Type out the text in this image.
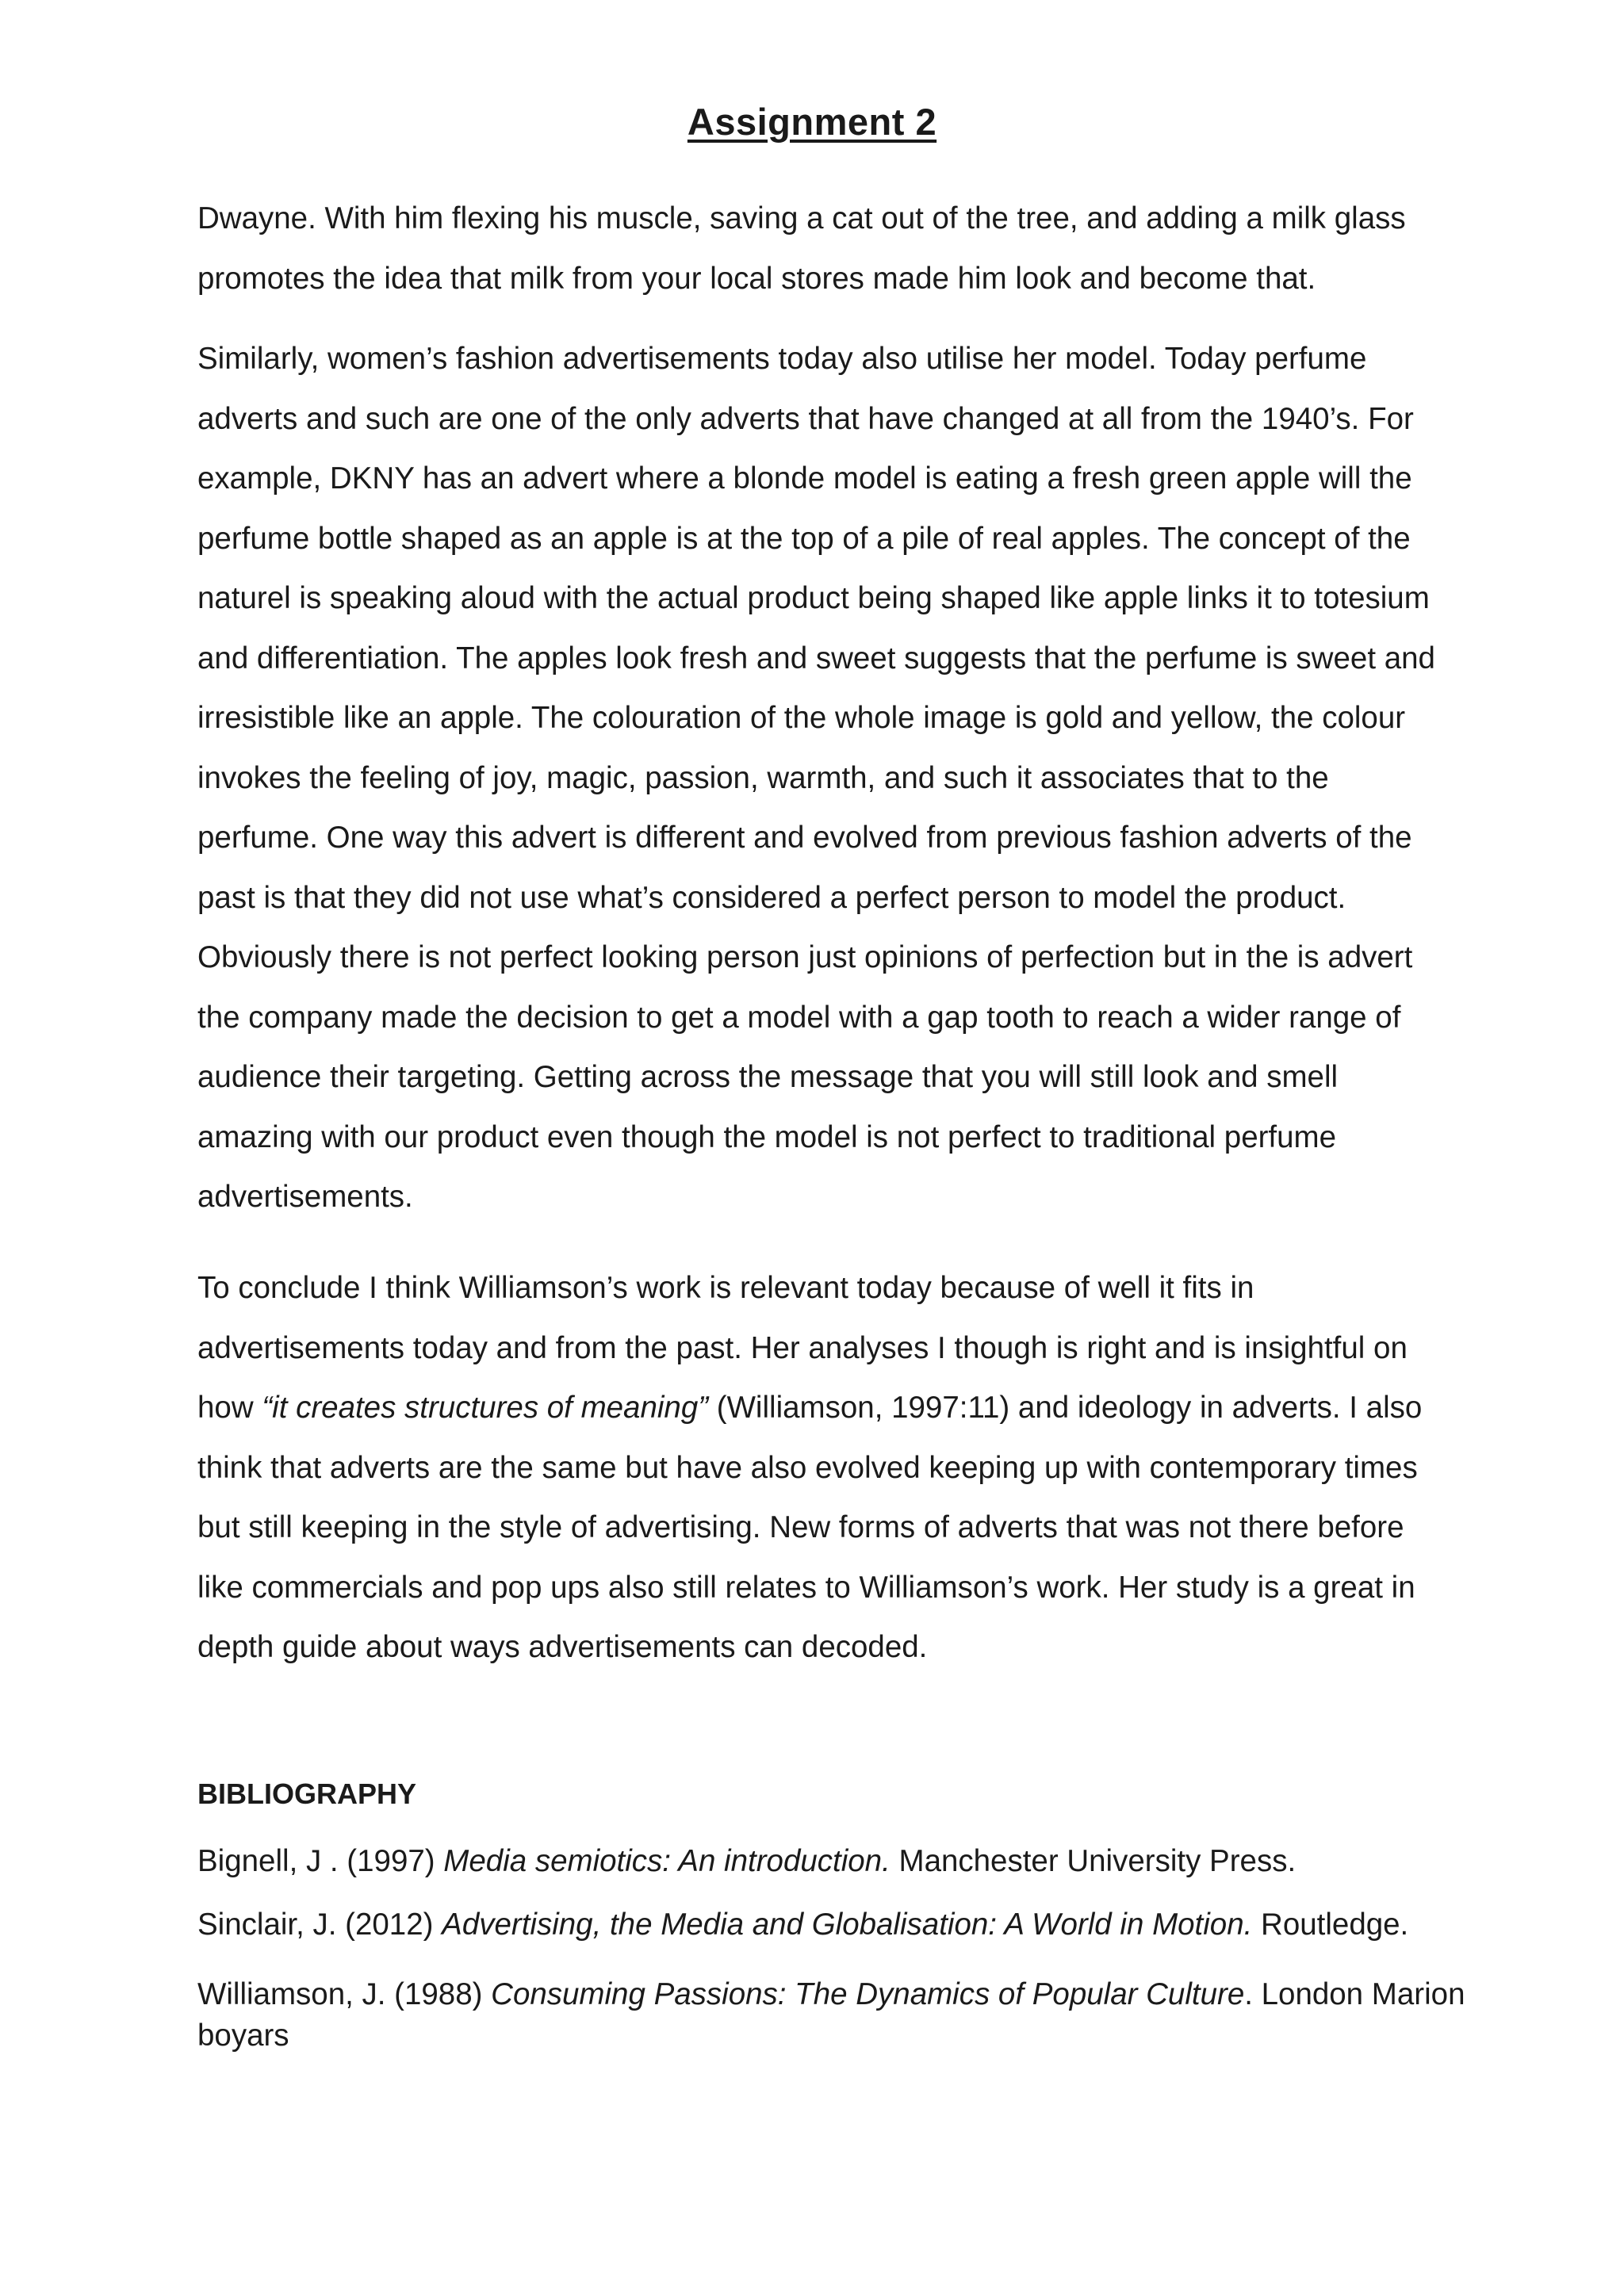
Assignment 2
Dwayne. With him flexing his muscle, saving a cat out of the tree, and adding a milk glass
promotes the idea that milk from your local stores made him look and become that.
Similarly, women’s fashion advertisements today also utilise her model. Today perfume
adverts and such are one of the only adverts that have changed at all from the 1940’s. For
example, DKNY has an advert where a blonde model is eating a fresh green apple will the
perfume bottle shaped as an apple is at the top of a pile of real apples. The concept of the
naturel is speaking aloud with the actual product being shaped like apple links it to totesium
and differentiation. The apples look fresh and sweet suggests that the perfume is sweet and
irresistible like an apple. The colouration of the whole image is gold and yellow, the colour
invokes the feeling of joy, magic, passion, warmth, and such it associates that to the
perfume. One way this advert is different and evolved from previous fashion adverts of the
past is that they did not use what’s considered a perfect person to model the product.
Obviously there is not perfect looking person just opinions of perfection but in the is advert
the company made the decision to get a model with a gap tooth to reach a wider range of
audience their targeting. Getting across the message that you will still look and smell
amazing with our product even though the model is not perfect to traditional perfume
advertisements.
To conclude I think Williamson’s work is relevant today because of well it fits in
advertisements today and from the past. Her analyses I though is right and is insightful on
how “it creates structures of meaning” (Williamson, 1997:11) and ideology in adverts. I also
think that adverts are the same but have also evolved keeping up with contemporary times
but still keeping in the style of advertising. New forms of adverts that was not there before
like commercials and pop ups also still relates to Williamson’s work. Her study is a great in
depth guide about ways advertisements can decoded.
BIBLIOGRAPHY
Bignell, J . (1997) Media semiotics: An introduction. Manchester University Press.
Sinclair, J. (2012) Advertising, the Media and Globalisation: A World in Motion. Routledge.
Williamson, J. (1988) Consuming Passions: The Dynamics of Popular Culture. London Marion
boyars
